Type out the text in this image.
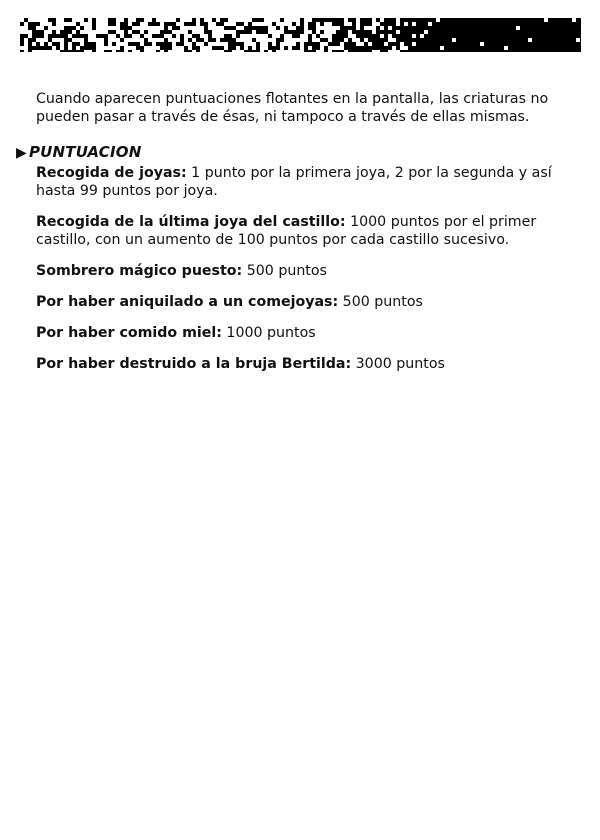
Cuando aparecen puntuaciones flotantes en la pantalla, las criaturas no pueden pasar a través de ésas, ni tampoco a través de ellas mismas.

▶ PUNTUACION
Recogida de joyas: 1 punto por la primera joya, 2 por la segunda y así hasta 99 puntos por joya.
Recogida de la última joya del castillo: 1000 puntos por el primer castillo, con un aumento de 100 puntos por cada castillo sucesivo.
Sombrero mágico puesto: 500 puntos
Por haber aniquilado a un comejoyas: 500 puntos
Por haber comido miel: 1000 puntos
Por haber destruido a la bruja Bertilda: 3000 puntos
